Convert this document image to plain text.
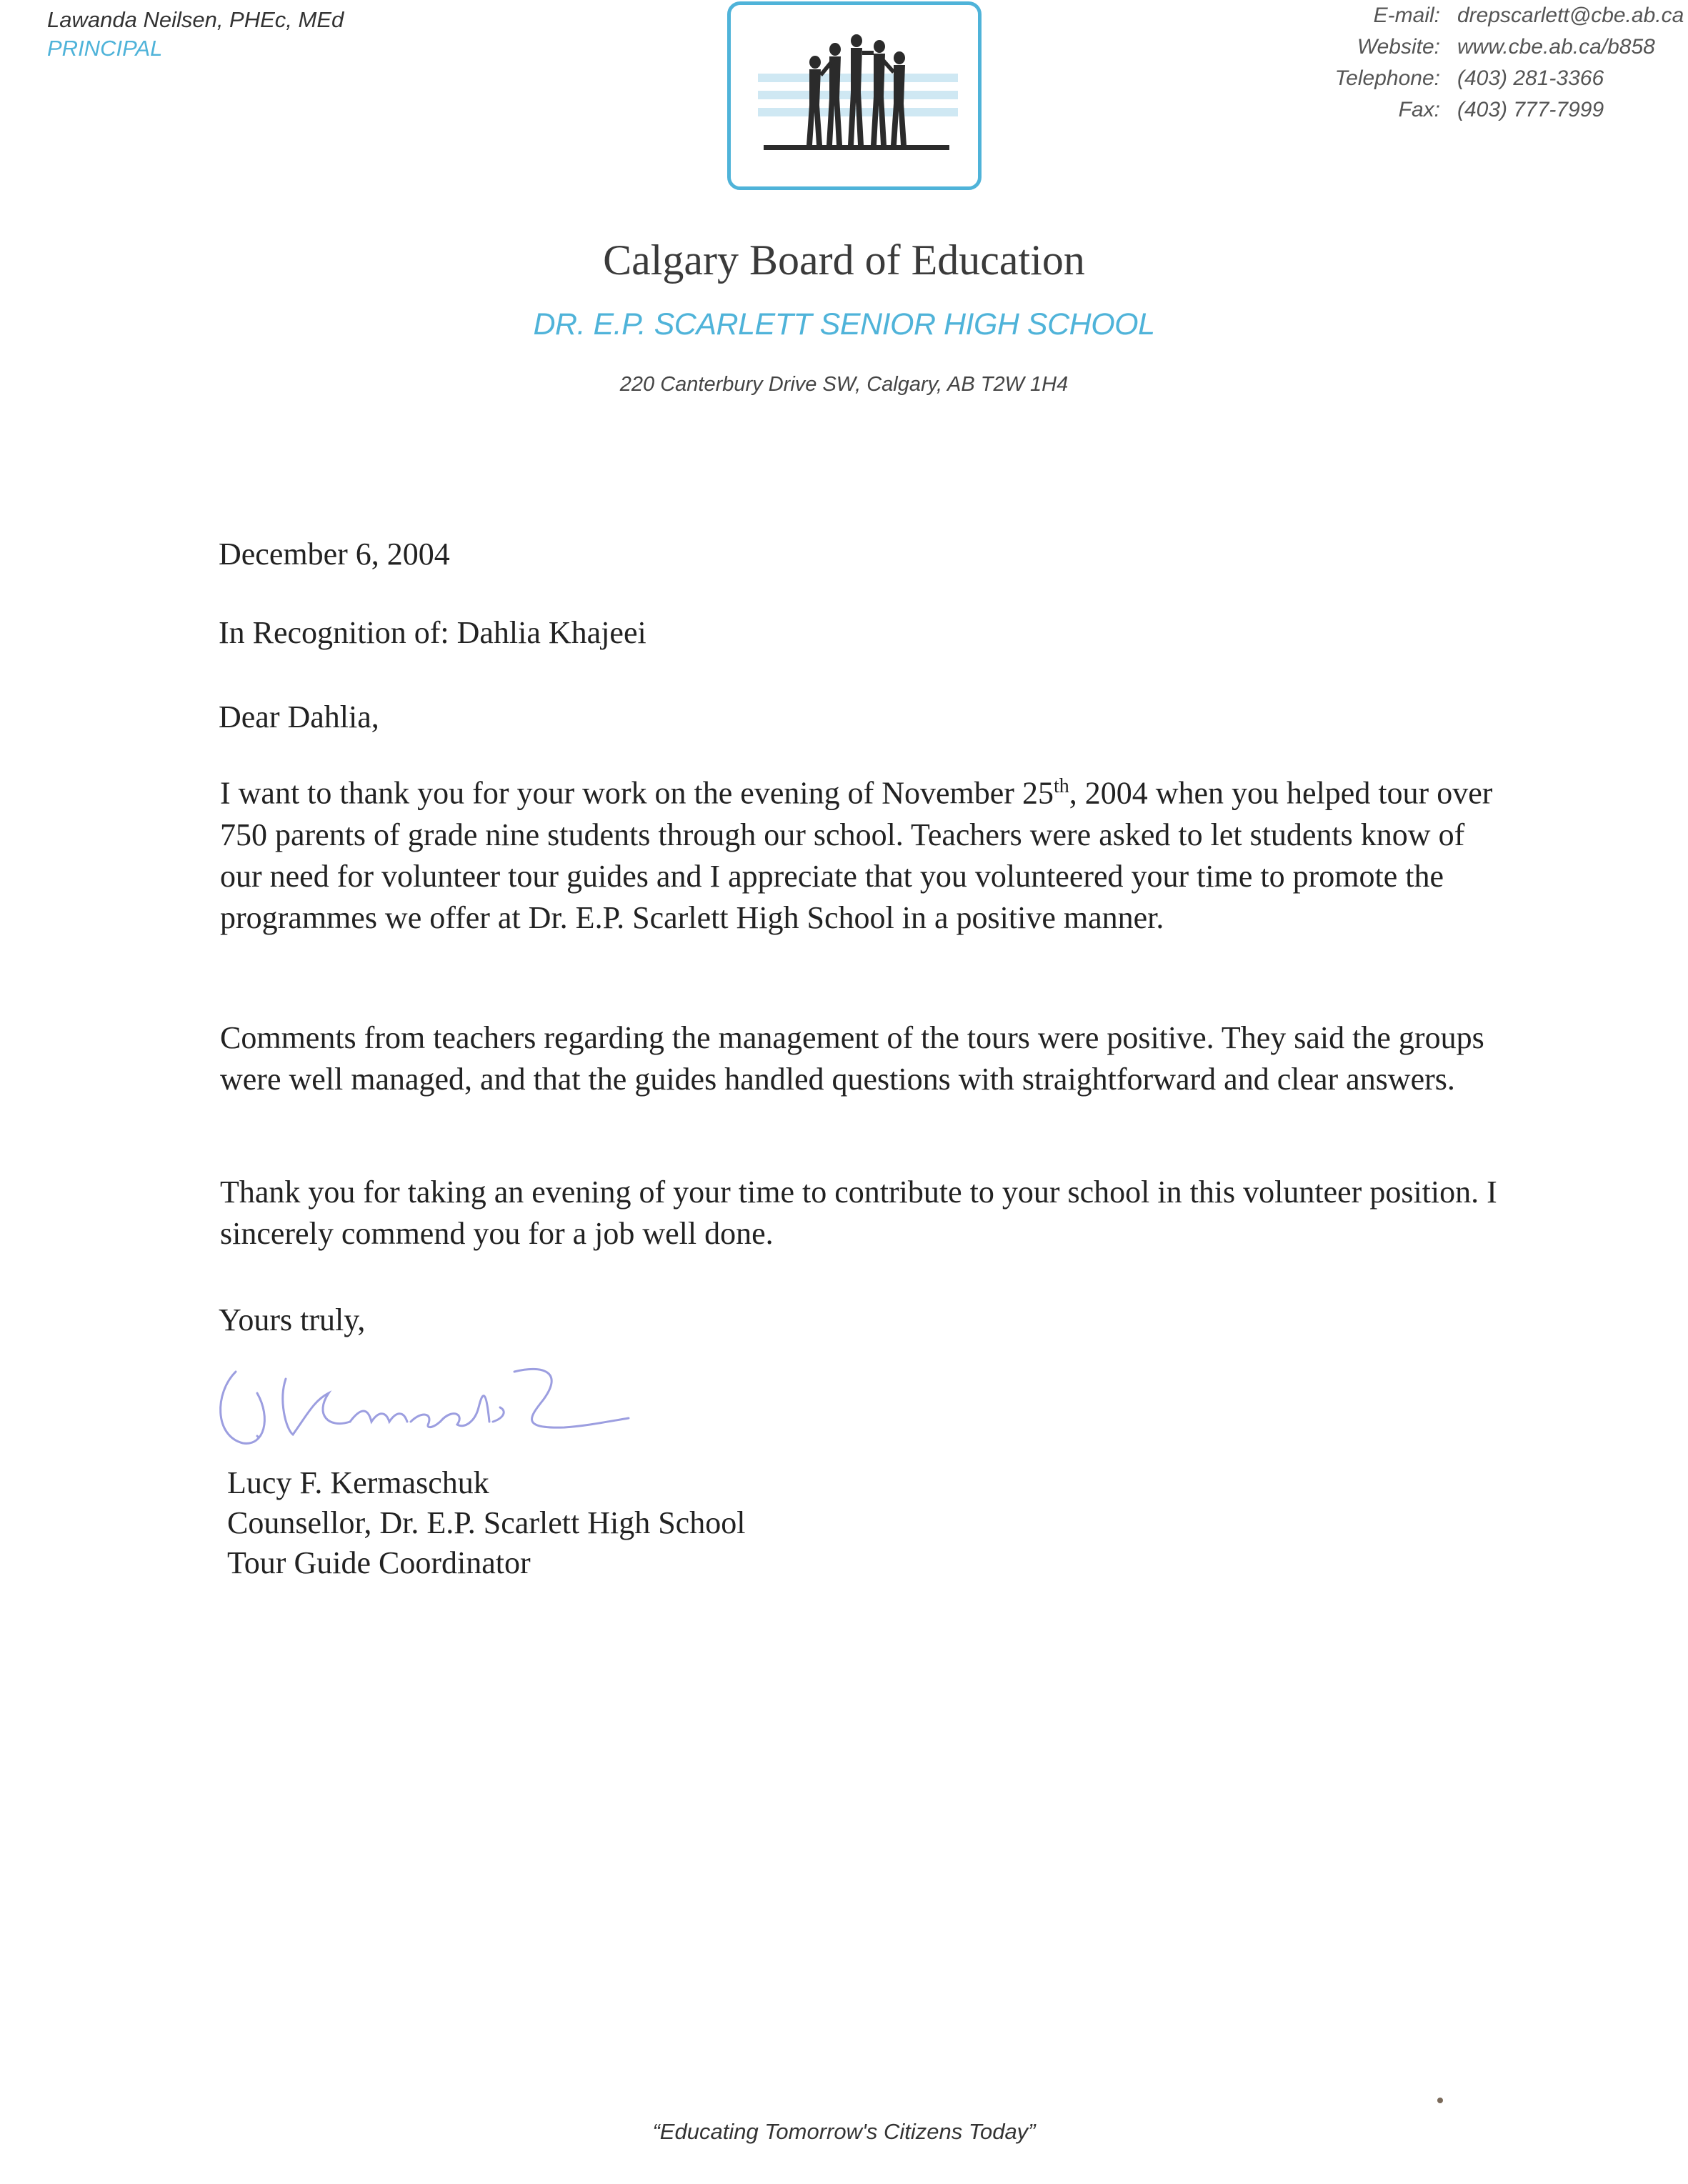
Lawanda Neilsen, PHEc, MEd
PRINCIPAL
E-mail: drepscarlett@cbe.ab.ca
Website: www.cbe.ab.ca/b858
Telephone: (403) 281-3366
Fax: (403) 777-7999
Calgary Board of Education
DR. E.P. SCARLETT SENIOR HIGH SCHOOL
220 Canterbury Drive SW, Calgary, AB T2W 1H4
December 6, 2004
In Recognition of: Dahlia Khajeei
Dear Dahlia,
I want to thank you for your work on the evening of November 25th, 2004 when you helped tour over 750 parents of grade nine students through our school. Teachers were asked to let students know of our need for volunteer tour guides and I appreciate that you volunteered your time to promote the programmes we offer at Dr. E.P. Scarlett High School in a positive manner.
Comments from teachers regarding the management of the tours were positive. They said the groups were well managed, and that the guides handled questions with straightforward and clear answers.
Thank you for taking an evening of your time to contribute to your school in this volunteer position. I sincerely commend you for a job well done.
Yours truly,
Lucy F. Kermaschuk
Counsellor, Dr. E.P. Scarlett High School
Tour Guide Coordinator
“Educating Tomorrow's Citizens Today”
